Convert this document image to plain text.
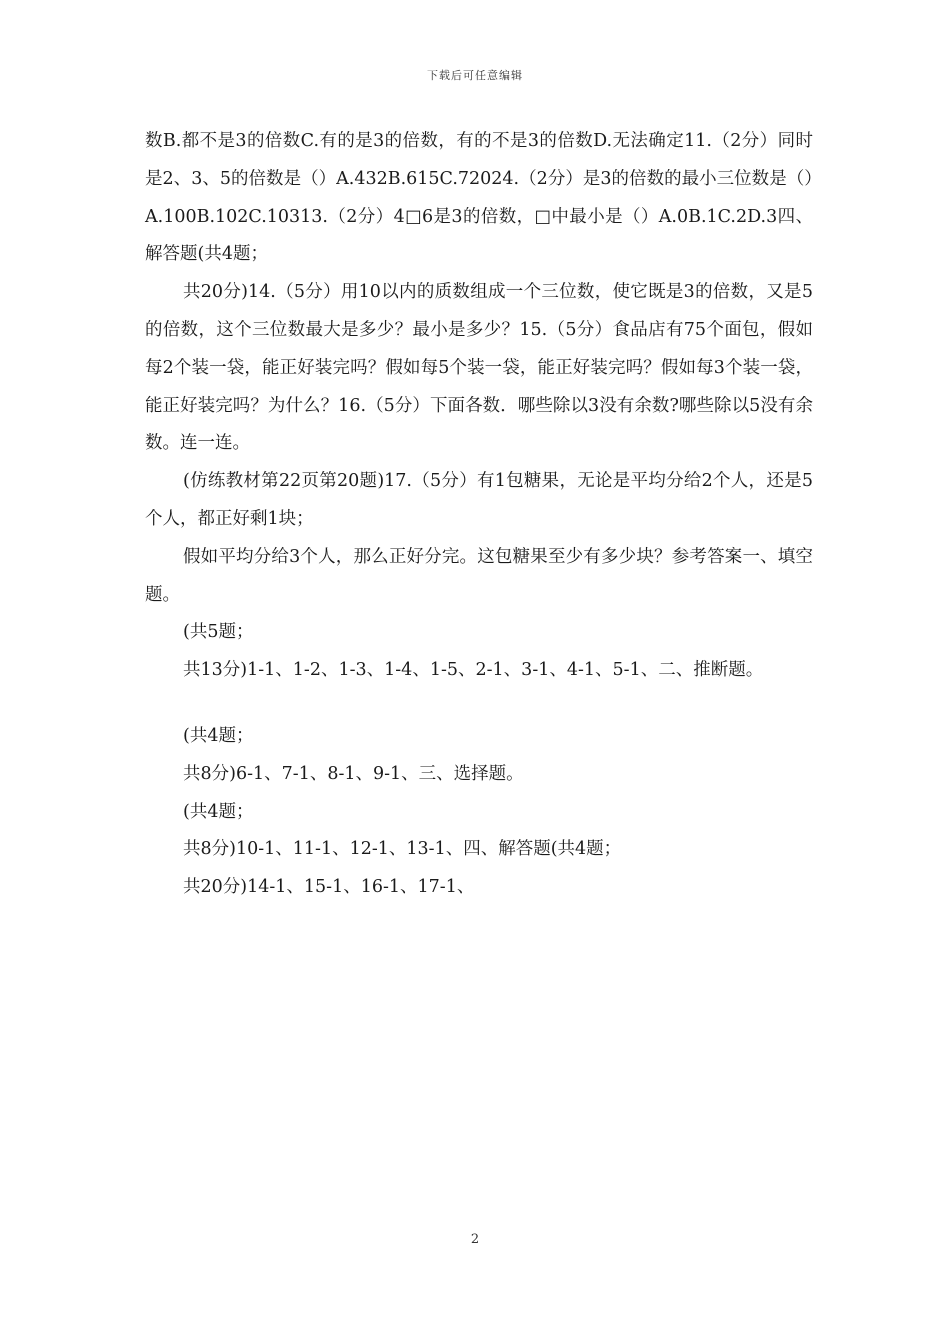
下载后可任意编辑

数B.都不是3的倍数C.有的是3的倍数，有的不是3的倍数D.无法确定11.（2分）同时是2、3、5的倍数是（）A.432B.615C.72024.（2分）是3的倍数的最小三位数是（）A.100B.102C.10313.（2分）4□6是3的倍数，□中最小是（）A.0B.1C.2D.3四、解答题(共4题；

共20分)14.（5分）用10以内的质数组成一个三位数，使它既是3的倍数，又是5的倍数，这个三位数最大是多少？最小是多少？15.（5分）食品店有75个面包，假如每2个装一袋，能正好装完吗？假如每5个装一袋，能正好装完吗？假如每3个装一袋，能正好装完吗？为什么？16.（5分）下面各数．哪些除以3没有余数?哪些除以5没有余数。连一连。

(仿练教材第22页第20题)17.（5分）有1包糖果，无论是平均分给2个人，还是5个人，都正好剩1块；

假如平均分给3个人，那么正好分完。这包糖果至少有多少块？参考答案一、填空题。

(共5题；

共13分)1-1、1-2、1-3、1-4、1-5、2-1、3-1、4-1、5-1、二、推断题。

(共4题；

共8分)6-1、7-1、8-1、9-1、三、选择题。

(共4题；

共8分)10-1、11-1、12-1、13-1、四、解答题(共4题；

共20分)14-1、15-1、16-1、17-1、

2
